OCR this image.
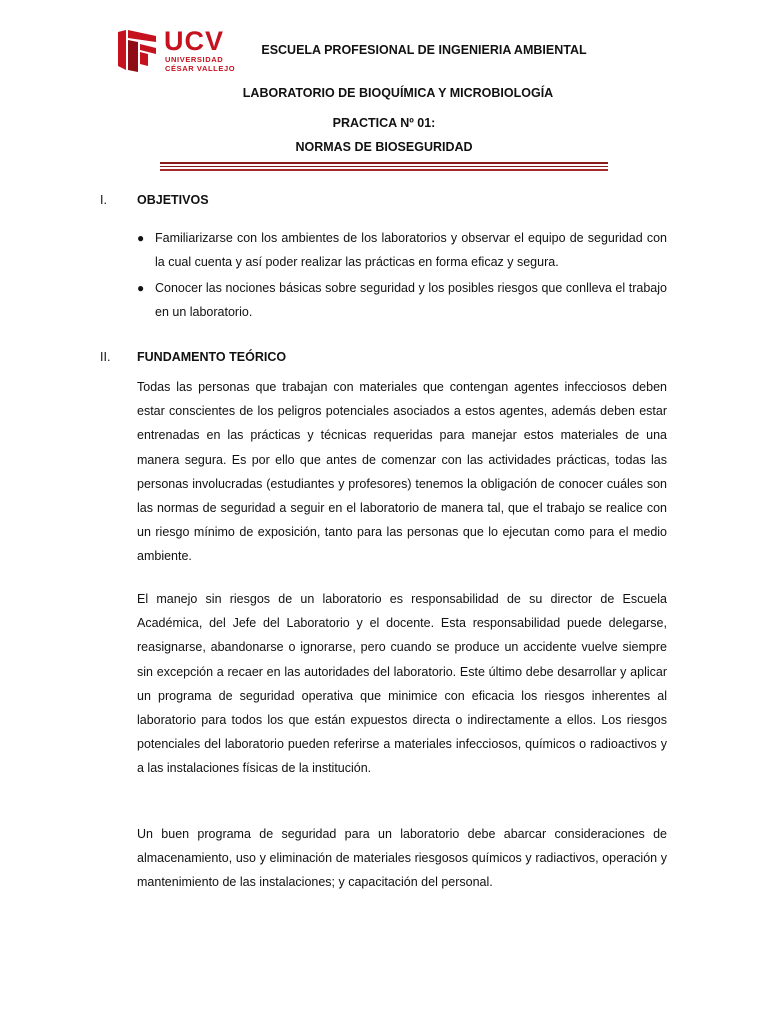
UCV
UNIVERSIDAD
CÉSAR VALLEJO
ESCUELA PROFESIONAL DE INGENIERIA AMBIENTAL
LABORATORIO DE BIOQUÍMICA Y MICROBIOLOGÍA
PRACTICA Nº 01:
NORMAS DE BIOSEGURIDAD
I. OBJETIVOS
● Familiarizarse con los ambientes de los laboratorios y observar el equipo de seguridad con la cual cuenta y así poder realizar las prácticas en forma eficaz y segura.
● Conocer las nociones básicas sobre seguridad y los posibles riesgos que conlleva el trabajo en un laboratorio.
II. FUNDAMENTO TEÓRICO

Todas las personas que trabajan con materiales que contengan agentes infecciosos deben estar conscientes de los peligros potenciales asociados a estos agentes, además deben estar entrenadas en las prácticas y técnicas requeridas para manejar estos materiales de una manera segura. Es por ello que antes de comenzar con las actividades prácticas, todas las personas involucradas (estudiantes y profesores) tenemos la obligación de conocer cuáles son las normas de seguridad a seguir en el laboratorio de manera tal, que el trabajo se realice con un riesgo mínimo de exposición, tanto para las personas que lo ejecutan como para el medio ambiente.

El manejo sin riesgos de un laboratorio es responsabilidad de su director de Escuela Académica, del Jefe del Laboratorio y el docente. Esta responsabilidad puede delegarse, reasignarse, abandonarse o ignorarse, pero cuando se produce un accidente vuelve siempre sin excepción a recaer en las autoridades del laboratorio. Este último debe desarrollar y aplicar un programa de seguridad operativa que minimice con eficacia los riesgos inherentes al laboratorio para todos los que están expuestos directa o indirectamente a ellos. Los riesgos potenciales del laboratorio pueden referirse a materiales infecciosos, químicos o radioactivos y a las instalaciones físicas de la institución.

Un buen programa de seguridad para un laboratorio debe abarcar consideraciones de almacenamiento, uso y eliminación de materiales riesgosos químicos y radiactivos, operación y mantenimiento de las instalaciones; y capacitación del personal.
